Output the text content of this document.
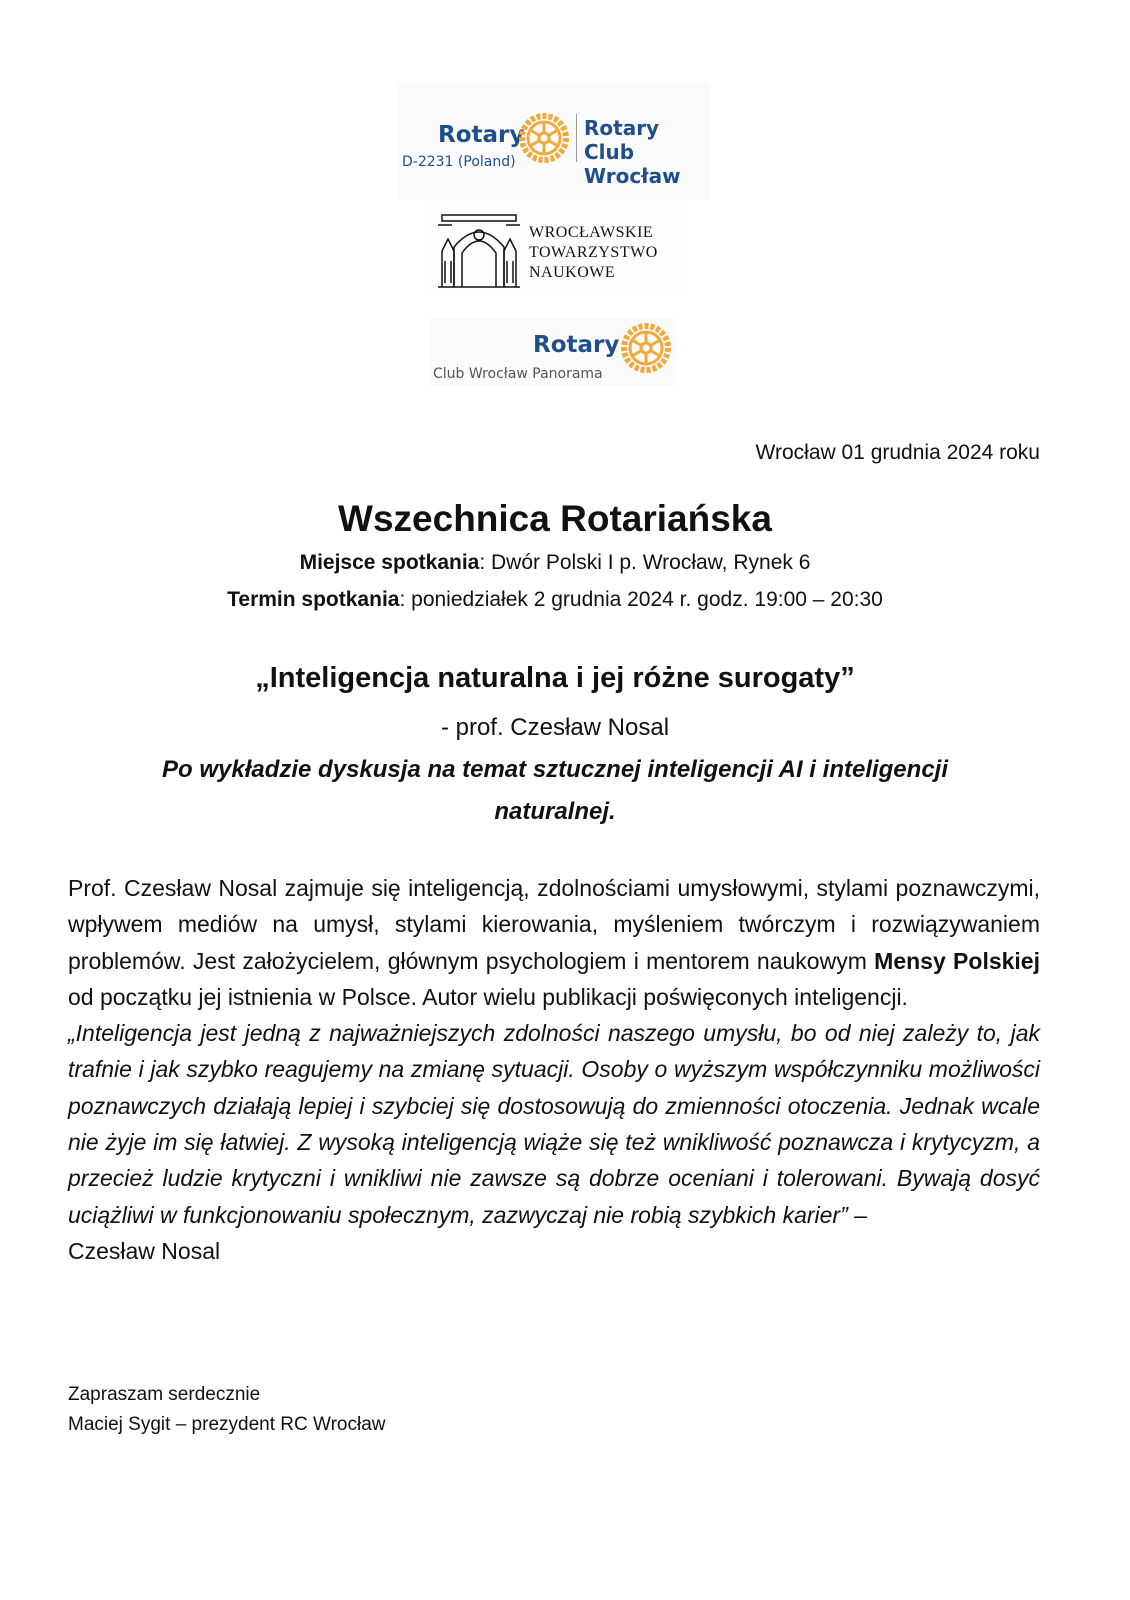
Rotary
D-2231 (Poland)
Rotary Club
Wrocław
WROCŁAWSKIE
TOWARZYSTWO
NAUKOWE
Rotary
Club Wrocław Panorama
Wrocław 01 grudnia 2024 roku
Wszechnica Rotariańska
Miejsce spotkania: Dwór Polski I p. Wrocław, Rynek 6
Termin spotkania: poniedziałek 2 grudnia 2024 r. godz. 19:00 – 20:30
„Inteligencja naturalna i jej różne surogaty”
- prof. Czesław Nosal
Po wykładzie dyskusja na temat sztucznej inteligencji AI i inteligencji
naturalnej.

Prof. Czesław Nosal zajmuje się inteligencją, zdolnościami umysłowymi, stylami poznawczymi, wpływem mediów na umysł, stylami kierowania, myśleniem twórczym i rozwiązywaniem problemów. Jest założycielem, głównym psychologiem i mentorem naukowym Mensy Polskiej od początku jej istnienia w Polsce. Autor wielu publikacji poświęconych inteligencji.

„Inteligencja jest jedną z najważniejszych zdolności naszego umysłu, bo od niej zależy to, jak trafnie i jak szybko reagujemy na zmianę sytuacji. Osoby o wyższym współczynniku możliwości poznawczych działają lepiej i szybciej się dostosowują do zmienności otoczenia. Jednak wcale nie żyje im się łatwiej. Z wysoką inteligencją wiąże się też wnikliwość poznawcza i krytycyzm, a przecież ludzie krytyczni i wnikliwi nie zawsze są dobrze oceniani i tolerowani. Bywają dosyć uciążliwi w funkcjonowaniu społecznym, zazwyczaj nie robią szybkich karier” –
Czesław Nosal

Zapraszam serdecznie
Maciej Sygit – prezydent RC Wrocław
